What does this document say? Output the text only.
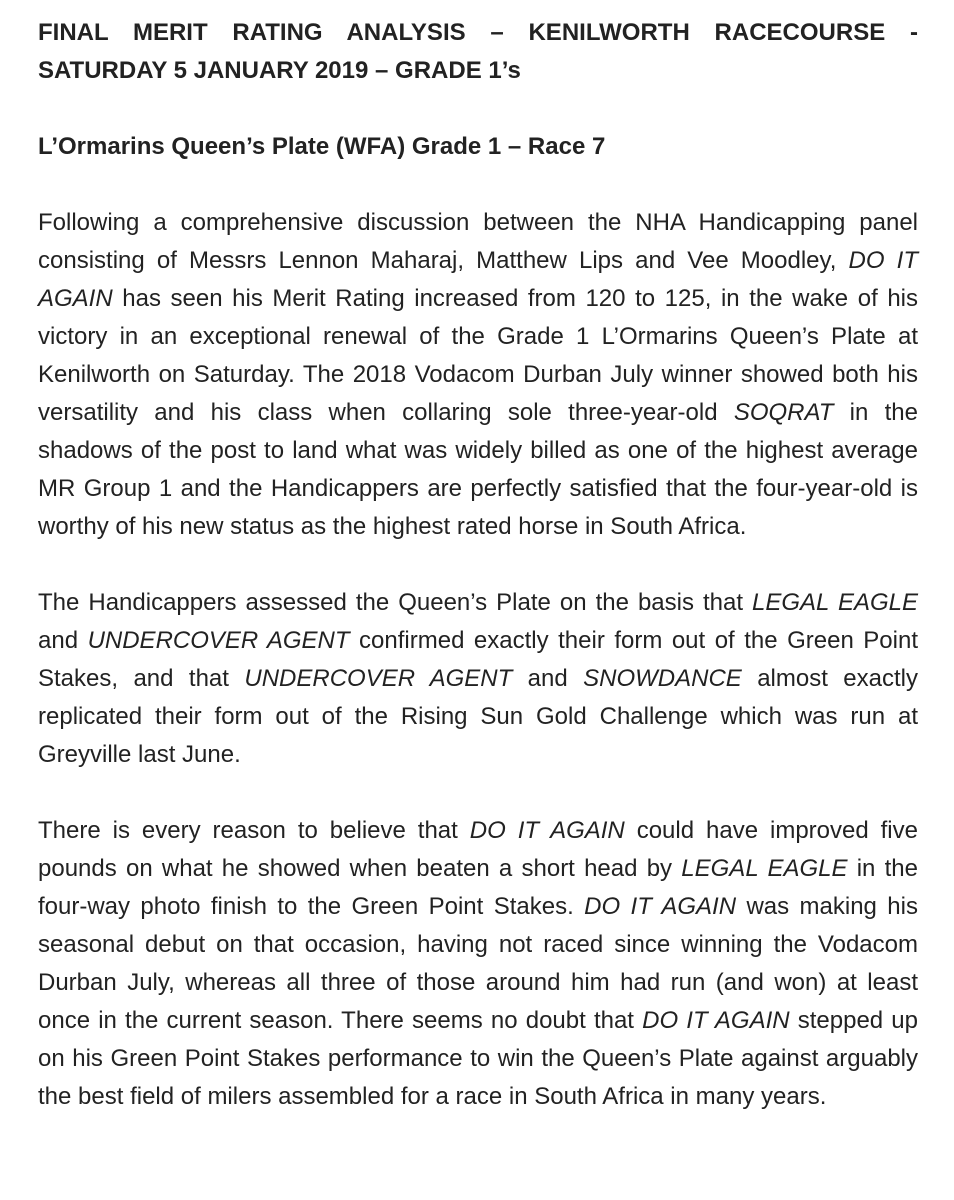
FINAL MERIT RATING ANALYSIS – KENILWORTH RACECOURSE -
SATURDAY 5 JANUARY 2019 – GRADE 1’s
L’Ormarins Queen’s Plate (WFA) Grade 1 – Race 7

Following a comprehensive discussion between the NHA Handicapping panel consisting of Messrs Lennon Maharaj, Matthew Lips and Vee Moodley, DO IT AGAIN has seen his Merit Rating increased from 120 to 125, in the wake of his victory in an exceptional renewal of the Grade 1 L’Ormarins Queen’s Plate at Kenilworth on Saturday. The 2018 Vodacom Durban July winner showed both his versatility and his class when collaring sole three-year-old SOQRAT in the shadows of the post to land what was widely billed as one of the highest average MR Group 1 and the Handicappers are perfectly satisfied that the four-year-old is worthy of his new status as the highest rated horse in South Africa.

The Handicappers assessed the Queen’s Plate on the basis that LEGAL EAGLE and UNDERCOVER AGENT confirmed exactly their form out of the Green Point Stakes, and that UNDERCOVER AGENT and SNOWDANCE almost exactly replicated their form out of the Rising Sun Gold Challenge which was run at Greyville last June.

There is every reason to believe that DO IT AGAIN could have improved five pounds on what he showed when beaten a short head by LEGAL EAGLE in the four-way photo finish to the Green Point Stakes. DO IT AGAIN was making his seasonal debut on that occasion, having not raced since winning the Vodacom Durban July, whereas all three of those around him had run (and won) at least once in the current season. There seems no doubt that DO IT AGAIN stepped up on his Green Point Stakes performance to win the Queen’s Plate against arguably the best field of milers assembled for a race in South Africa in many years.
